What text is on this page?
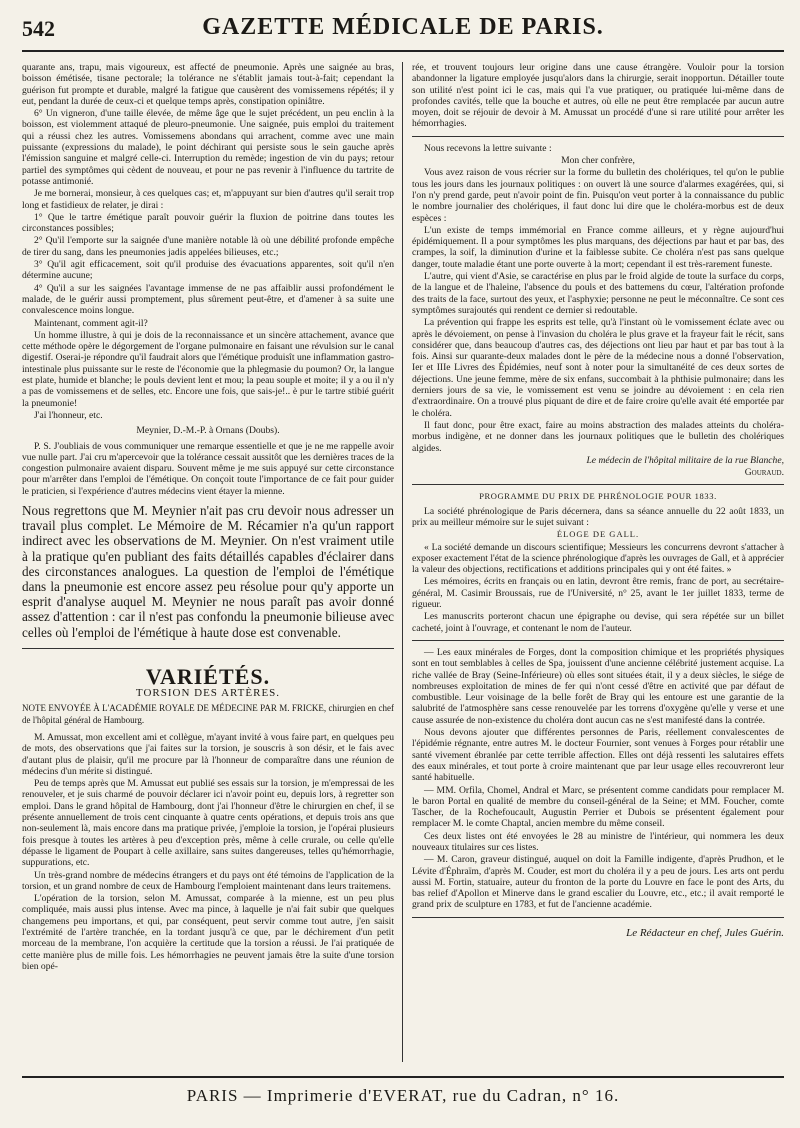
542	GAZETTE MÉDICALE DE PARIS.

quarante ans, trapu, mais vigoureux, est affecté de pneumonie. Après une saignée au bras, boisson émétisée, tisane pectorale; la tolérance ne s'établit jamais tout-à-fait; cependant la guérison fut prompte et durable, malgré la fatigue que causèrent des vomissemens répétés; il y eut, pendant la durée de ceux-ci et quelque temps après, constipation opiniâtre.

6° Un vigneron, d'une taille élevée, de même âge que le sujet précédent, un peu enclin à la boisson, est violemment attaqué de pleuro-pneumonie. Une saignée, puis emploi du traitement qui a réussi chez les autres. Vomissemens abondans qui arrachent, comme avec une main puissante (expressions du malade), le point déchirant qui persiste sous le sein gauche après l'émission sanguine et malgré celle-ci. Interruption du remède; ingestion de vin du pays; retour partiel des symptômes qui cèdent de nouveau, et pour ne pas revenir à l'influence du tartrite de potasse antimonié.

Je me bornerai, monsieur, à ces quelques cas; et, m'appuyant sur bien d'autres qu'il serait trop long et fastidieux de relater, je dirai :

1° Que le tartre émétique paraît pouvoir guérir la fluxion de poitrine dans toutes les circonstances possibles;

2° Qu'il l'emporte sur la saignée d'une manière notable là où une débilité profonde empêche de tirer du sang, dans les pneumonies jadis appelées bilieuses, etc.;

3° Qu'il agit efficacement, soit qu'il produise des évacuations apparentes, soit qu'il n'en détermine aucune;

4° Qu'il a sur les saignées l'avantage immense de ne pas affaiblir aussi profondément le malade, de le guérir aussi promptement, plus sûrement peut-être, et d'amener à sa suite une convalescence moins longue.

Maintenant, comment agit-il?

Un homme illustre, à qui je dois de la reconnaissance et un sincère attachement, avance que cette méthode opère le dégorgement de l'organe pulmonaire en faisant une révulsion sur le canal digestif. Oserai-je répondre qu'il faudrait alors que l'émétique produisît une inflammation gastro-intestinale plus puissante sur le reste de l'économie que la phlegmasie du poumon? Or, la langue est plate, humide et blanche; le pouls devient lent et mou; la peau souple et moite; il y a ou il n'y a pas de vomissemens et de selles, etc. Encore une fois, que sais-je!.. è pur le tartre stibié guérit la pneumonie!

J'ai l'honneur, etc.

Meynier, D.-M.-P. à Ornans (Doubs).

P. S. J'oubliais de vous communiquer une remarque essentielle et que je ne me rappelle avoir vue nulle part. J'ai cru m'apercevoir que la tolérance cessait aussitôt que les dernières traces de la congestion pulmonaire avaient disparu. Souvent même je me suis appuyé sur cette circonstance pour m'arrêter dans l'emploi de l'émétique. On conçoit toute l'importance de ce fait pour guider le praticien, si l'expérience d'autres médecins vient étayer la mienne.

Nous regrettons que M. Meynier n'ait pas cru devoir nous adresser un travail plus complet. Le Mémoire de M. Récamier n'a qu'un rapport indirect avec les observations de M. Meynier. On n'est vraiment utile à la pratique qu'en publiant des faits détaillés capables d'éclairer dans des circonstances analogues. La question de l'emploi de l'émétique dans la pneumonie est encore assez peu résolue pour qu'y apporte un esprit d'analyse auquel M. Meynier ne nous paraît pas avoir donné assez d'attention : car il n'est pas confondu la pneumonie bilieuse avec celles où l'emploi de l'émétique à haute dose est convenable.

VARIÉTÉS.
TORSION DES ARTÈRES.

NOTE ENVOYÉE À L'ACADÉMIE ROYALE DE MÉDECINE PAR M. FRICKE, chirurgien en chef de l'hôpital général de Hambourg.

M. Amussat, mon excellent ami et collègue, m'ayant invité à vous faire part, en quelques peu de mots, des observations que j'ai faites sur la torsion, je souscris à son désir, et le fais avec d'autant plus de plaisir, qu'il me procure par là l'honneur de comparaître dans une réunion de médecins d'un mérite si distingué.

Peu de temps après que M. Amussat eut publié ses essais sur la torsion, je m'empressai de les renouveler, et je suis charmé de pouvoir déclarer ici n'avoir point eu, depuis lors, à regretter son emploi. Dans le grand hôpital de Hambourg, dont j'ai l'honneur d'être le chirurgien en chef, il se présente annuellement de trois cent cinquante à quatre cents opérations, et depuis trois ans que non-seulement là, mais encore dans ma pratique privée, j'emploie la torsion, je l'opérai plusieurs fois presque à toutes les artères à peu d'exception près, même à celle crurale, ou celle qu'elle dépasse le ligament de Poupart à celle axillaire, sans suites dangereuses, telles qu'hémorrhagie, suppurations, etc.

Un très-grand nombre de médecins étrangers et du pays ont été témoins de l'application de la torsion, et un grand nombre de ceux de Hambourg l'emploient maintenant dans leurs traitemens.

L'opération de la torsion, selon M. Amussat, comparée à la mienne, est un peu plus compliquée, mais aussi plus intense. Avec ma pince, à laquelle je n'ai fait subir que quelques changemens peu importans, et qui, par conséquent, peut servir comme tout autre, j'en saisit l'extrémité de l'artère tranchée, en la tordant jusqu'à ce que, par le déchirement d'un petit morceau de la membrane, l'on acquière la certitude que la torsion a réussi. Je l'ai pratiquée de cette manière plus de mille fois. Les hémorrhagies ne peuvent jamais être la suite d'une torsion bien opé-

rée, et trouvent toujours leur origine dans une cause étrangère. Vouloir pour la torsion abandonner la ligature employée jusqu'alors dans la chirurgie, serait inopportun. Détailler toute son utilité n'est point ici le cas, mais qui l'a vue pratiquer, ou pratiquée lui-même dans de profondes cavités, telle que la bouche et autres, où elle ne peut être remplacée par aucun autre moyen, doit se réjouir de devoir à M. Amussat un procédé d'une si rare utilité pour arrêter les hémorrhagies.

Nous recevons la lettre suivante :

Mon cher confrère,

Vous avez raison de vous récrier sur la forme du bulletin des cholériques, tel qu'on le publie tous les jours dans les journaux politiques : on ouvert là une source d'alarmes exagérées, qui, si l'on n'y prend garde, peut n'avoir point de fin. Puisqu'on veut porter à la connaissance du public le nombre journalier des cholériques, il faut donc lui dire que le choléra-morbus est de deux espèces :

L'un existe de temps immémorial en France comme ailleurs, et y règne aujourd'hui épidémiquement. Il a pour symptômes les plus marquans, des déjections par haut et par bas, des crampes, la soif, la diminution d'urine et la faiblesse subite. Ce choléra n'est pas sans quelque danger, toute maladie étant une porte ouverte à la mort; cependant il est très-rarement funeste.

L'autre, qui vient d'Asie, se caractérise en plus par le froid algide de toute la surface du corps, de la langue et de l'haleine, l'absence du pouls et des battemens du cœur, l'altération profonde des traits de la face, surtout des yeux, et l'asphyxie; personne ne peut le méconnaître. Ce sont ces symptômes surajoutés qui rendent ce dernier si redoutable.

La prévention qui frappe les esprits est telle, qu'à l'instant où le vomissement éclate avec ou après le dévoiement, on pense à l'invasion du choléra le plus grave et la frayeur fait le récit, sans considérer que, dans beaucoup d'autres cas, des déjections ont lieu par haut et par bas tout à la fois. Ainsi sur quarante-deux malades dont le père de la médecine nous a donné l'observation, Ier et IIIe Livres des Épidémies, neuf sont à noter pour la simultanéité de ces deux sortes de déjections. Une jeune femme, mère de six enfans, succombait à la phthisie pulmonaire; dans les derniers jours de sa vie, le vomissement est venu se joindre au dévoiement : en cela rien d'extraordinaire. On a trouvé plus piquant de dire et de faire croire qu'elle avait été emportée par le choléra.

Il faut donc, pour être exact, faire au moins abstraction des malades atteints du choléra-morbus indigène, et ne donner dans les journaux politiques que le bulletin des cholériques algides.

Le médecin de l'hôpital militaire de la rue Blanche,

Gouraud.

PROGRAMME DU PRIX DE PHRÉNOLOGIE POUR 1833.

La société phrénologique de Paris décernera, dans sa séance annuelle du 22 août 1833, un prix au meilleur mémoire sur le sujet suivant :

ÉLOGE DE GALL.

« La société demande un discours scientifique; Messieurs les concurrens devront s'attacher à exposer exactement l'état de la science phrénologique d'après les ouvrages de Gall, et à apprécier la valeur des objections, rectifications et additions principales qui y ont été faites. »

Les mémoires, écrits en français ou en latin, devront être remis, franc de port, au secrétaire-général, M. Casimir Broussais, rue de l'Université, n° 25, avant le 1er juillet 1833, terme de rigueur.

Les manuscrits porteront chacun une épigraphe ou devise, qui sera répétée sur un billet cacheté, joint à l'ouvrage, et contenant le nom de l'auteur.

— Les eaux minérales de Forges, dont la composition chimique et les propriétés physiques sont en tout semblables à celles de Spa, jouissent d'une ancienne célébrité justement acquise. La riche vallée de Bray (Seine-Inférieure) où elles sont situées était, il y a deux siècles, le siége de nombreuses exploitation de mines de fer qui n'ont cessé d'être en activité que par défaut de combustible. Leur voisinage de la belle forêt de Bray qui les entoure est une garantie de la salubrité de l'atmosphère sans cesse renouvelée par les torrens d'oxygène qu'elle y verse et une cause assurée de non-existence du choléra dont aucun cas ne s'est manifesté dans la contrée.

Nous devons ajouter que différentes personnes de Paris, réellement convalescentes de l'épidémie régnante, entre autres M. le docteur Fournier, sont venues à Forges pour rétablir une santé vivement ébranlée par cette terrible affection. Elles ont déjà ressenti les salutaires effets des eaux minérales, et tout porte à croire maintenant que par leur usage elles recouvreront leur santé habituelle.

— MM. Orfila, Chomel, Andral et Marc, se présentent comme candidats pour remplacer M. le baron Portal en qualité de membre du conseil-général de la Seine; et MM. Foucher, comte Tascher, de la Rochefoucault, Augustin Perrier et Dubois se présentent également pour remplacer M. le comte Chaptal, ancien membre du même conseil.

Ces deux listes ont été envoyées le 28 au ministre de l'intérieur, qui nommera les deux nouveaux titulaires sur ces listes.

— M. Caron, graveur distingué, auquel on doit la Famille indigente, d'après Prudhon, et le Lévite d'Éphraïm, d'après M. Couder, est mort du choléra il y a peu de jours. Les arts ont perdu aussi M. Fortin, statuaire, auteur du fronton de la porte du Louvre en face le pont des Arts, du bas relief d'Apollon et Minerve dans le grand escalier du Louvre, etc., etc.; il avait remporté le grand prix de sculpture en 1783, et fut de l'ancienne académie.

Le Rédacteur en chef, Jules Guérin.

PARIS — Imprimerie d'EVERAT, rue du Cadran, n° 16.
